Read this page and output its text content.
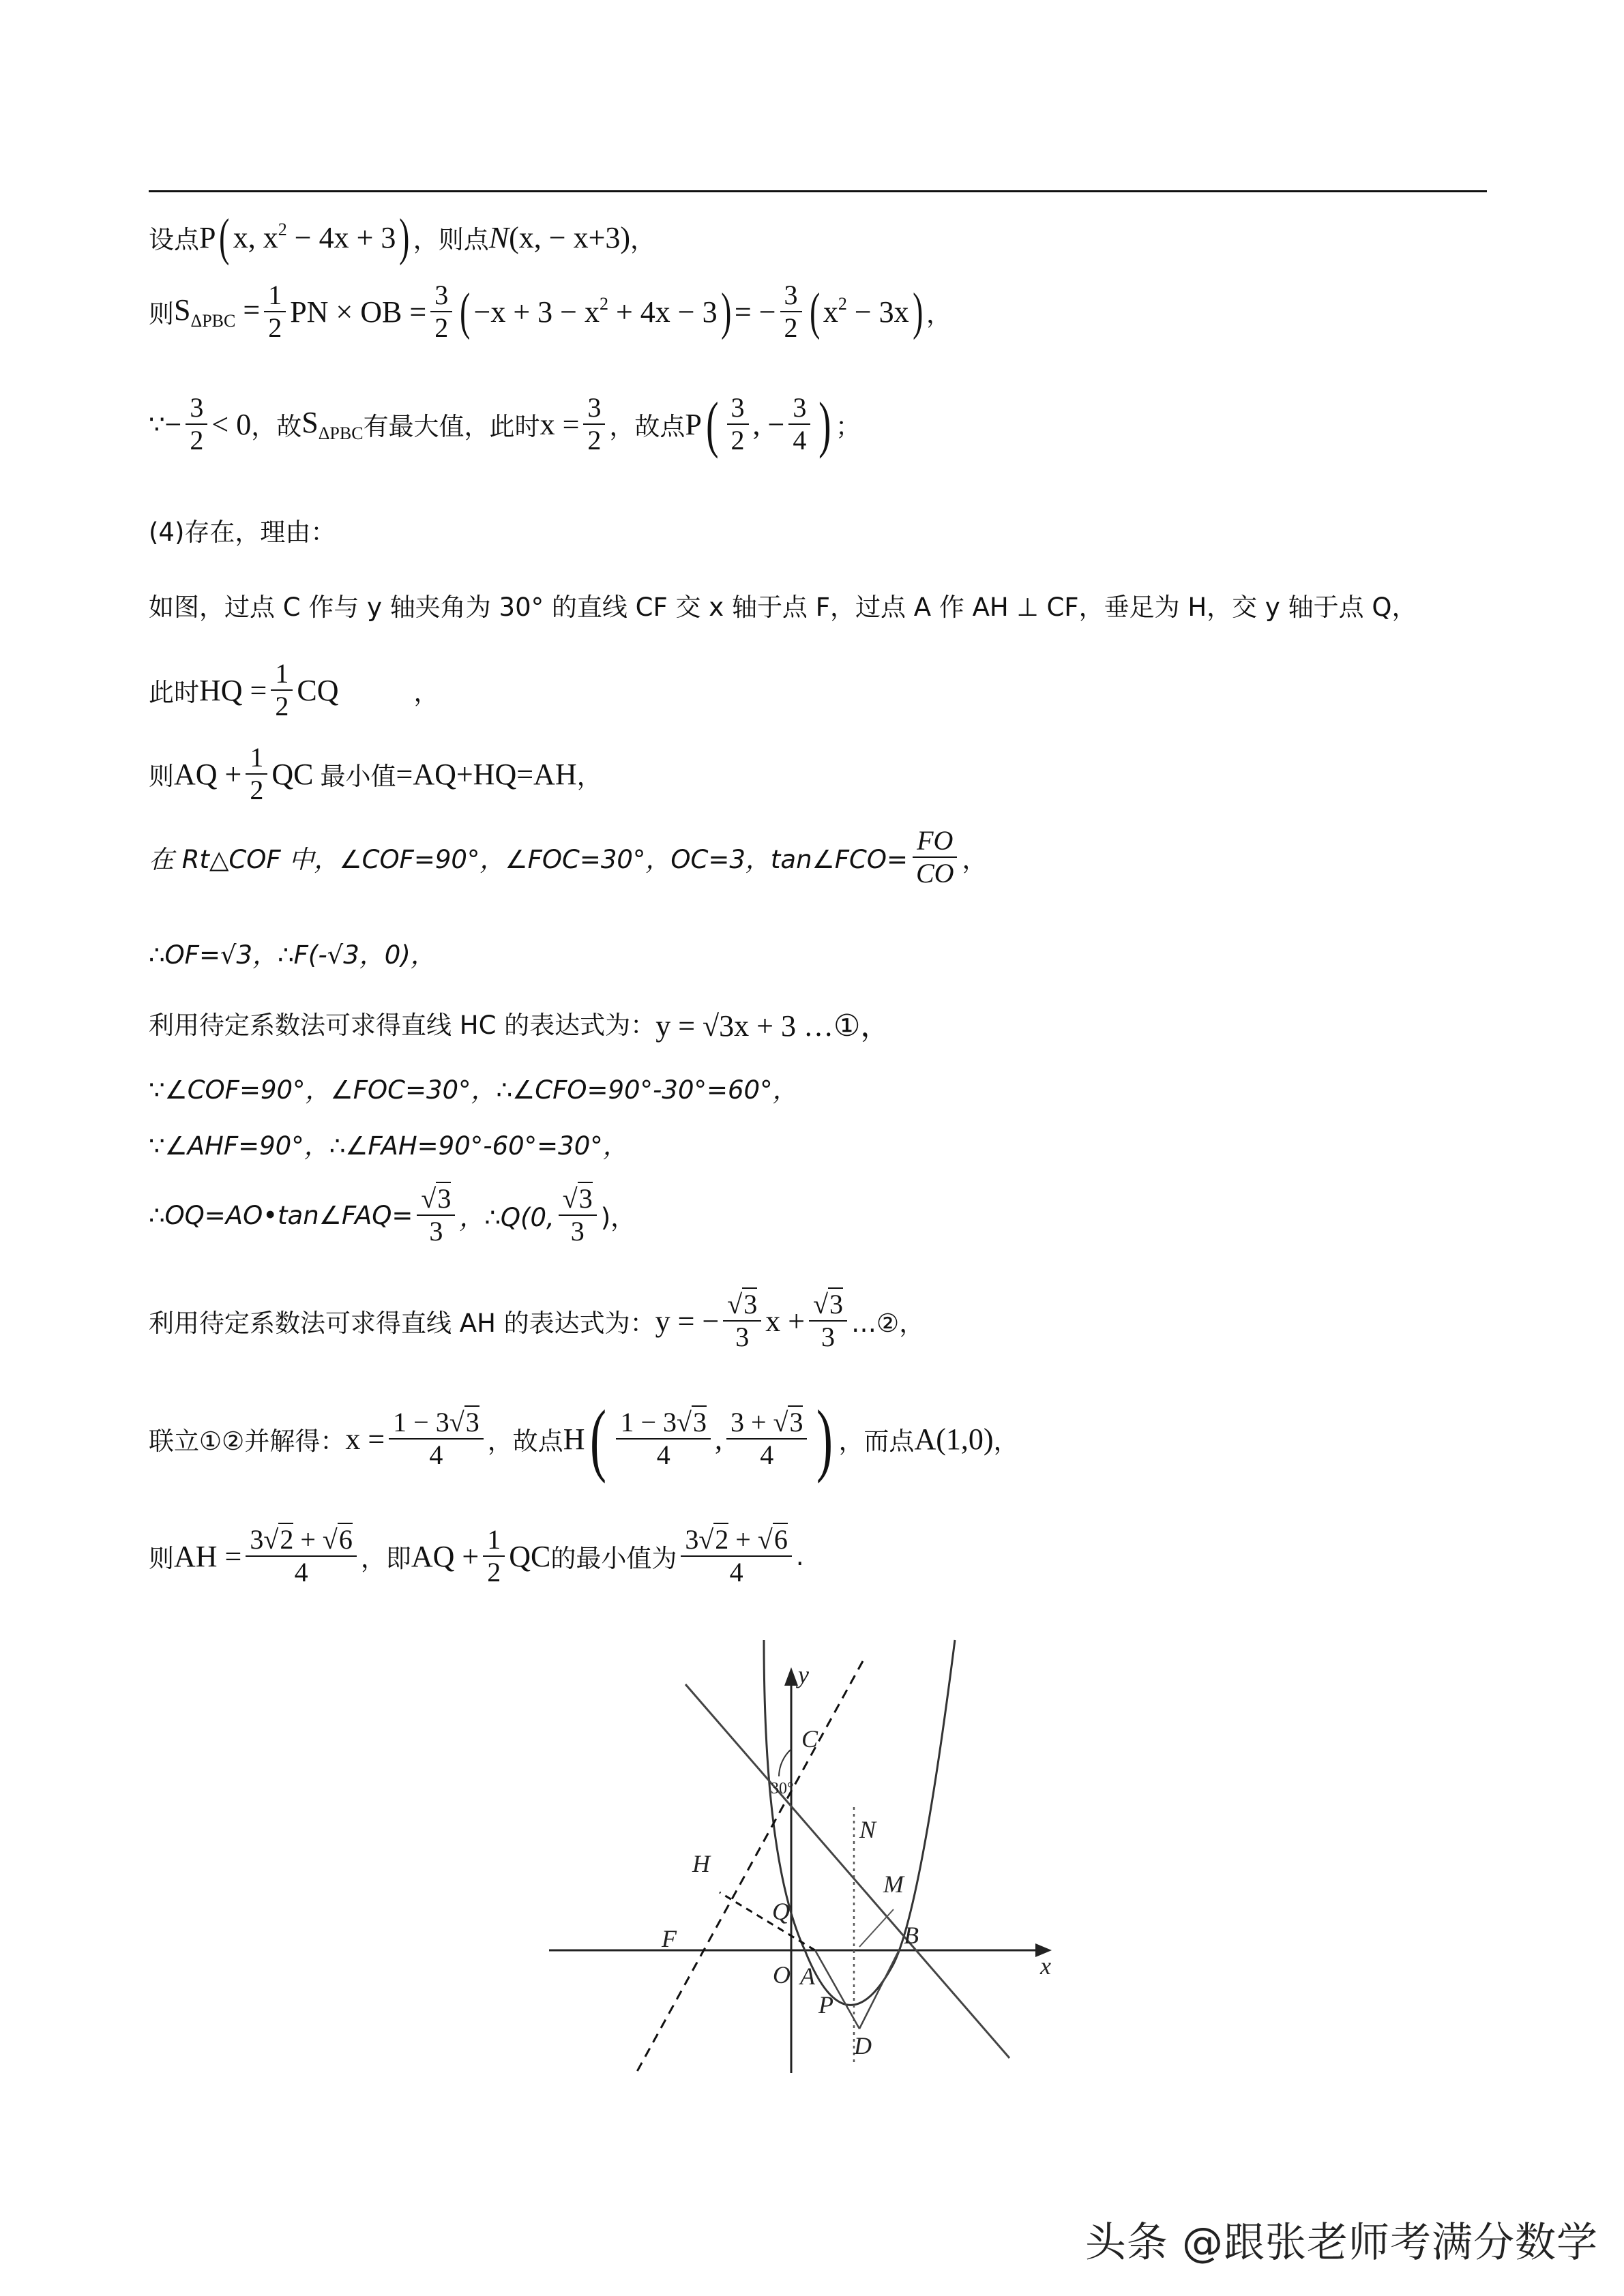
设点 P ( x, $x^2 - 4x + 3$ ) ，则点 N(x, − x+3) ，
则 $S_{\Delta PBC} = \frac{1}{2}$ PN × OB = $\frac{3}{2}$ ( $-x + 3 - x^2 + 4x - 3$ ) = − $\frac{3}{2}$ ( $x^2 - 3x$ ) ，
∵ − $\frac{3}{2} < 0$ ，故 $S_{\Delta PBC}$ 有最大值，此时 $x = \frac{3}{2}$ ，故点 P ( $\frac{3}{2}$ , − $\frac{3}{4}$ ) ；
(4)存在，理由：
如图，过点 C 作与 y 轴夹角为 30° 的直线 CF 交 x 轴于点 F，过点 A 作 AH ⊥ CF，垂足为 H，交 y 轴于点 Q，
此时 HQ = $\frac{1}{2}$ CQ	，
则 AQ + $\frac{1}{2}$ QC 最小值 =AQ+HQ=AH ，
在 Rt△COF 中，∠COF=90°，∠FOC=30°，OC=3，tan∠FCO= $\frac{FO}{CO}$ ，
∴OF=√3，∴F(-√3，0)，
利用待定系数法可求得直线 HC 的表达式为： y = √3x + 3 …①，
∵∠COF=90°，∠FOC=30°，∴∠CFO=90°-30°=60°，
∵∠AHF=90°，∴∠FAH=90°-60°=30°，
∴OQ=AO•tan∠FAQ= $\frac{√3}{3}$ ，∴Q(0, $\frac{√3}{3}$ )，
利用待定系数法可求得直线 AH 的表达式为： y = − $\frac{√3}{3}$ $x + \frac{√3}{3}$ …②，
联立①②并解得： $x = \frac{1 - 3√3}{4}$ ，故点 H ( $\frac{1 - 3√3}{4}$ , $\frac{3 + √3}{4}$ ) ，而点 A(1,0) ，
则 AH = $\frac{3√2 + √6}{4}$ ，即 AQ + $\frac{1}{2}$ QC 的最小值为 $\frac{3√2 + √6}{4}$ .
y
x
C
30°
H
N
M
Q
F
O A
B
P
D
头条 @跟张老师考满分数学
